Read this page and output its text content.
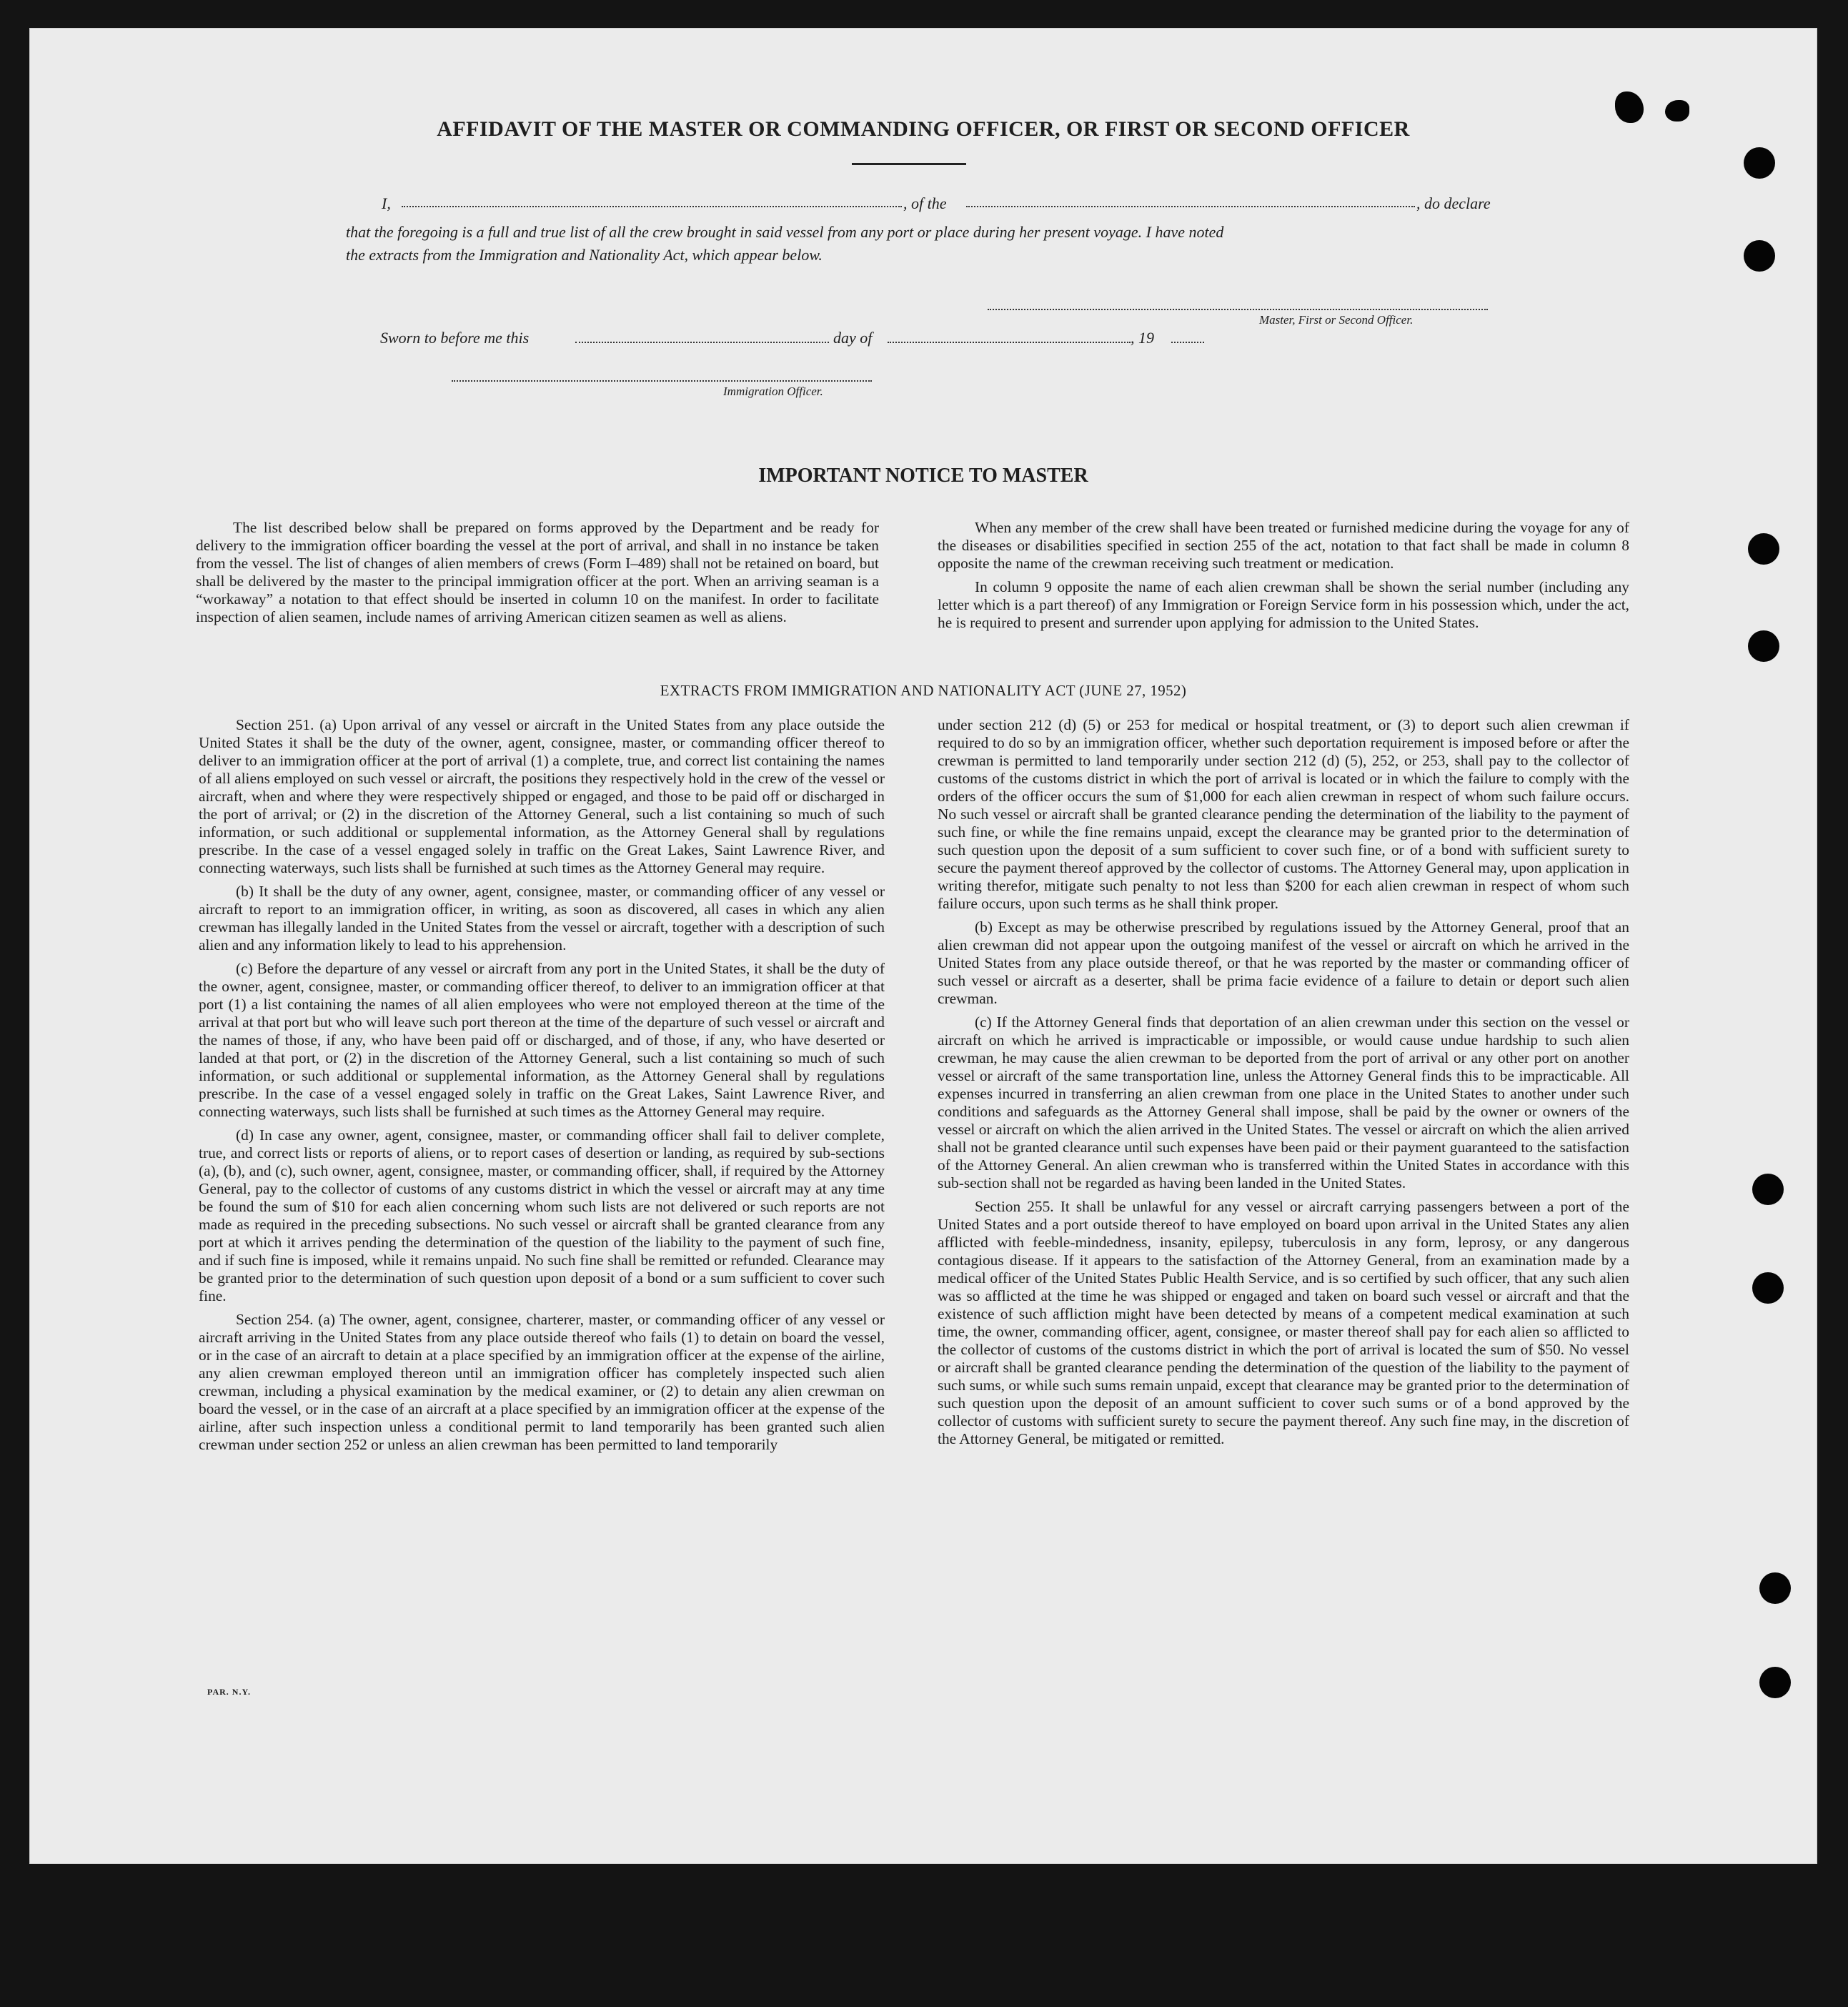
AFFIDAVIT OF THE MASTER OR COMMANDING OFFICER, OR FIRST OR SECOND OFFICER
I,	, of the	, do declare
that the foregoing is a full and true list of all the crew brought in said vessel from any port or place during her present voyage. I have noted
the extracts from the Immigration and Nationality Act, which appear below.
Master, First or Second Officer.
Sworn to before me this	day of	, 19
Immigration Officer.
IMPORTANT NOTICE TO MASTER

The list described below shall be prepared on forms approved by the Department and be ready for delivery to the immigration officer boarding the vessel at the port of arrival, and shall in no instance be taken from the vessel. The list of changes of alien members of crews (Form I–489) shall not be retained on board, but shall be delivered by the master to the principal immigration officer at the port. When an arriving seaman is a “workaway” a notation to that effect should be inserted in column 10 on the manifest. In order to facilitate inspection of alien seamen, include names of arriving American citizen seamen as well as aliens.

When any member of the crew shall have been treated or furnished medicine during the voyage for any of the diseases or disabilities specified in section 255 of the act, notation to that fact shall be made in column 8 opposite the name of the crewman receiving such treatment or medication.

In column 9 opposite the name of each alien crewman shall be shown the serial number (including any letter which is a part thereof) of any Immigration or Foreign Service form in his possession which, under the act, he is required to present and surrender upon applying for admission to the United States.

EXTRACTS FROM IMMIGRATION AND NATIONALITY ACT (JUNE 27, 1952)

Section 251. (a) Upon arrival of any vessel or aircraft in the United States from any place outside the United States it shall be the duty of the owner, agent, consignee, master, or commanding officer thereof to deliver to an immigration officer at the port of arrival (1) a complete, true, and correct list containing the names of all aliens employed on such vessel or aircraft, the positions they respectively hold in the crew of the vessel or aircraft, when and where they were respectively shipped or engaged, and those to be paid off or discharged in the port of arrival; or (2) in the discretion of the Attorney General, such a list containing so much of such information, or such additional or supplemental information, as the Attorney General shall by regulations prescribe. In the case of a vessel engaged solely in traffic on the Great Lakes, Saint Lawrence River, and connecting waterways, such lists shall be furnished at such times as the Attorney General may require.

(b) It shall be the duty of any owner, agent, consignee, master, or commanding officer of any vessel or aircraft to report to an immigration officer, in writing, as soon as discovered, all cases in which any alien crewman has illegally landed in the United States from the vessel or aircraft, together with a description of such alien and any information likely to lead to his apprehension.

(c) Before the departure of any vessel or aircraft from any port in the United States, it shall be the duty of the owner, agent, consignee, master, or commanding officer thereof, to deliver to an immigration officer at that port (1) a list containing the names of all alien employees who were not employed thereon at the time of the arrival at that port but who will leave such port thereon at the time of the departure of such vessel or aircraft and the names of those, if any, who have been paid off or discharged, and of those, if any, who have deserted or landed at that port, or (2) in the discretion of the Attorney General, such a list containing so much of such information, or such additional or supplemental information, as the Attorney General shall by regulations prescribe. In the case of a vessel engaged solely in traffic on the Great Lakes, Saint Lawrence River, and connecting waterways, such lists shall be furnished at such times as the Attorney General may require.

(d) In case any owner, agent, consignee, master, or commanding officer shall fail to deliver complete, true, and correct lists or reports of aliens, or to report cases of desertion or landing, as required by sub-sections (a), (b), and (c), such owner, agent, consignee, master, or commanding officer, shall, if required by the Attorney General, pay to the collector of customs of any customs district in which the vessel or aircraft may at any time be found the sum of $10 for each alien concerning whom such lists are not delivered or such reports are not made as required in the preceding subsections. No such vessel or aircraft shall be granted clearance from any port at which it arrives pending the determination of the question of the liability to the payment of such fine, and if such fine is imposed, while it remains unpaid. No such fine shall be remitted or refunded. Clearance may be granted prior to the determination of such question upon deposit of a bond or a sum sufficient to cover such fine.

Section 254. (a) The owner, agent, consignee, charterer, master, or commanding officer of any vessel or aircraft arriving in the United States from any place outside thereof who fails (1) to detain on board the vessel, or in the case of an aircraft to detain at a place specified by an immigration officer at the expense of the airline, any alien crewman employed thereon until an immigration officer has completely inspected such alien crewman, including a physical examination by the medical examiner, or (2) to detain any alien crewman on board the vessel, or in the case of an aircraft at a place specified by an immigration officer at the expense of the airline, after such inspection unless a conditional permit to land temporarily has been granted such alien crewman under section 252 or unless an alien crewman has been permitted to land temporarily

under section 212 (d) (5) or 253 for medical or hospital treatment, or (3) to deport such alien crewman if required to do so by an immigration officer, whether such deportation requirement is imposed before or after the crewman is permitted to land temporarily under section 212 (d) (5), 252, or 253, shall pay to the collector of customs of the customs district in which the port of arrival is located or in which the failure to comply with the orders of the officer occurs the sum of $1,000 for each alien crewman in respect of whom such failure occurs. No such vessel or aircraft shall be granted clearance pending the determination of the liability to the payment of such fine, or while the fine remains unpaid, except the clearance may be granted prior to the determination of such question upon the deposit of a sum sufficient to cover such fine, or of a bond with sufficient surety to secure the payment thereof approved by the collector of customs. The Attorney General may, upon application in writing therefor, mitigate such penalty to not less than $200 for each alien crewman in respect of whom such failure occurs, upon such terms as he shall think proper.

(b) Except as may be otherwise prescribed by regulations issued by the Attorney General, proof that an alien crewman did not appear upon the outgoing manifest of the vessel or aircraft on which he arrived in the United States from any place outside thereof, or that he was reported by the master or commanding officer of such vessel or aircraft as a deserter, shall be prima facie evidence of a failure to detain or deport such alien crewman.

(c) If the Attorney General finds that deportation of an alien crewman under this section on the vessel or aircraft on which he arrived is impracticable or impossible, or would cause undue hardship to such alien crewman, he may cause the alien crewman to be deported from the port of arrival or any other port on another vessel or aircraft of the same transportation line, unless the Attorney General finds this to be impracticable. All expenses incurred in transferring an alien crewman from one place in the United States to another under such conditions and safeguards as the Attorney General shall impose, shall be paid by the owner or owners of the vessel or aircraft on which the alien arrived in the United States. The vessel or aircraft on which the alien arrived shall not be granted clearance until such expenses have been paid or their payment guaranteed to the satisfaction of the Attorney General. An alien crewman who is transferred within the United States in accordance with this sub-section shall not be regarded as having been landed in the United States.

Section 255. It shall be unlawful for any vessel or aircraft carrying passengers between a port of the United States and a port outside thereof to have employed on board upon arrival in the United States any alien afflicted with feeble-mindedness, insanity, epilepsy, tuberculosis in any form, leprosy, or any dangerous contagious disease. If it appears to the satisfaction of the Attorney General, from an examination made by a medical officer of the United States Public Health Service, and is so certified by such officer, that any such alien was so afflicted at the time he was shipped or engaged and taken on board such vessel or aircraft and that the existence of such affliction might have been detected by means of a competent medical examination at such time, the owner, commanding officer, agent, consignee, or master thereof shall pay for each alien so afflicted to the collector of customs of the customs district in which the port of arrival is located the sum of $50. No vessel or aircraft shall be granted clearance pending the determination of the question of the liability to the payment of such sums, or while such sums remain unpaid, except that clearance may be granted prior to the determination of such question upon the deposit of an amount sufficient to cover such sums or of a bond approved by the collector of customs with sufficient surety to secure the payment thereof. Any such fine may, in the discretion of the Attorney General, be mitigated or remitted.

PAR. N.Y.
